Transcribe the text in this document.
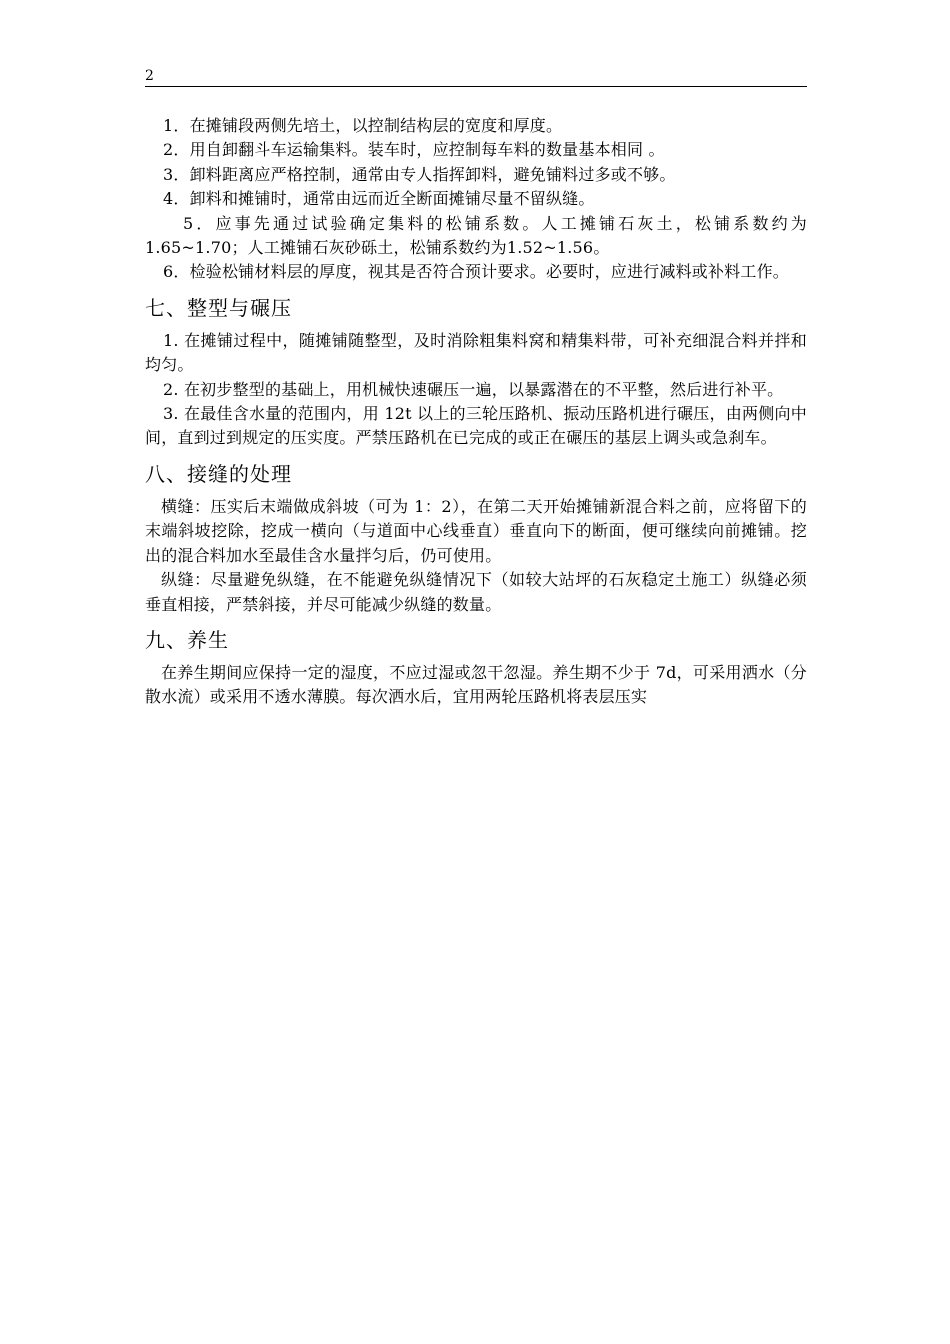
2

1．在摊铺段两侧先培土，以控制结构层的宽度和厚度。

2．用自卸翻斗车运输集料。装车时，应控制每车料的数量基本相同 。

3．卸料距离应严格控制，通常由专人指挥卸料，避免铺料过多或不够。

4．卸料和摊铺时，通常由远而近全断面摊铺尽量不留纵缝。

5．应事先通过试验确定集料的松铺系数。人工摊铺石灰土，松铺系数约为1.65~1.70；人工摊铺石灰砂砾土，松铺系数约为1.52~1.56。

6．检验松铺材料层的厚度，视其是否符合预计要求。必要时，应进行减料或补料工作。

七、整型与碾压

1. 在摊铺过程中，随摊铺随整型，及时消除粗集料窝和精集料带，可补充细混合料并拌和均匀。

2. 在初步整型的基础上，用机械快速碾压一遍，以暴露潜在的不平整，然后进行补平。

3. 在最佳含水量的范围内，用 12t 以上的三轮压路机、振动压路机进行碾压，由两侧向中间，直到过到规定的压实度。严禁压路机在已完成的或正在碾压的基层上调头或急刹车。

八、接缝的处理

横缝：压实后末端做成斜坡（可为 1：2），在第二天开始摊铺新混合料之前，应将留下的末端斜坡挖除，挖成一横向（与道面中心线垂直）垂直向下的断面，便可继续向前摊铺。挖出的混合料加水至最佳含水量拌匀后，仍可使用。

纵缝：尽量避免纵缝，在不能避免纵缝情况下（如较大站坪的石灰稳定土施工）纵缝必须垂直相接，严禁斜接，并尽可能减少纵缝的数量。

九、养生

在养生期间应保持一定的湿度，不应过湿或忽干忽湿。养生期不少于 7d，可采用洒水（分散水流）或采用不透水薄膜。每次洒水后，宜用两轮压路机将表层压实
